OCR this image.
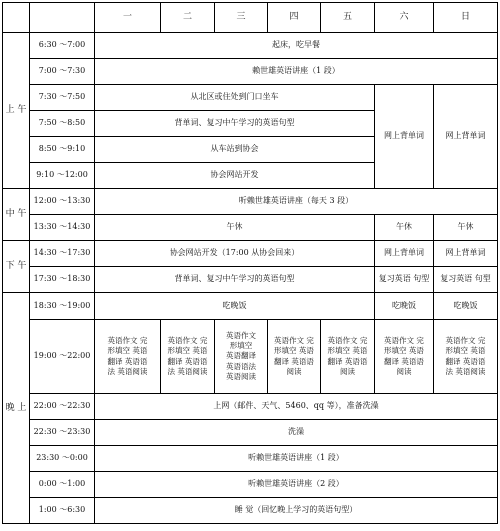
		一	二	三	四	五	六	日
上 午	6:30 ～7:00	起床，吃早餐						
	7:00 ～7:30	赖世雄英语讲座（1 段）						
	7:30 ～7:50	从北区或住处到门口坐车					网上背单词	网上背单词
	7:50 ～8:50	背单词、复习中午学习的英语句型						
	8:50 ～9:10	从车站到协会						
	9:10 ～12:00	协会网站开发						
中 午	12:00 ～13:30	听赖世雄英语讲座（每天 3 段）						
	13:30 ～14:30	午休					午休	午休
下 午	14:30 ～17:30	协会网站开发（17:00 从协会回来）					网上背单词	网上背单词
	17:30 ～18:30	背单词、复习中午学习的英语句型					复习英语 句型	复习英语 句型
晚 上	18:30 ～19:00	吃晚饭					吃晚饭	吃晚饭
	19:00 ～22:00	英语作文 完
形填空 英语
翻译 英语语
法 英语阅读	英语作文 完
形填空 英语
翻译 英语语
法 英语阅读	英语作文
形填空
英语翻译
英语语法
英语阅读	英语作文 完
形填空 英语
翻译 英语语
阅读	英语作文 完
形填空 英语
翻译 英语语
阅读	英语作文 完
形填空 英语
翻译 英语语
阅读	英语作文 完
形填空 英语
翻译 英语语
法 英语阅读

	22:00 ～22:30	上网（邮件、天气、5460、qq 等），准备洗澡						
	22:30 ～23:30	洗澡						
	23:30 ～0:00	听赖世雄英语讲座（1 段）						
	0:00 ～1:00	听赖世雄英语讲座（2 段）						
	1:00 ～6:30	睡 觉（回忆晚上学习的英语句型）						
